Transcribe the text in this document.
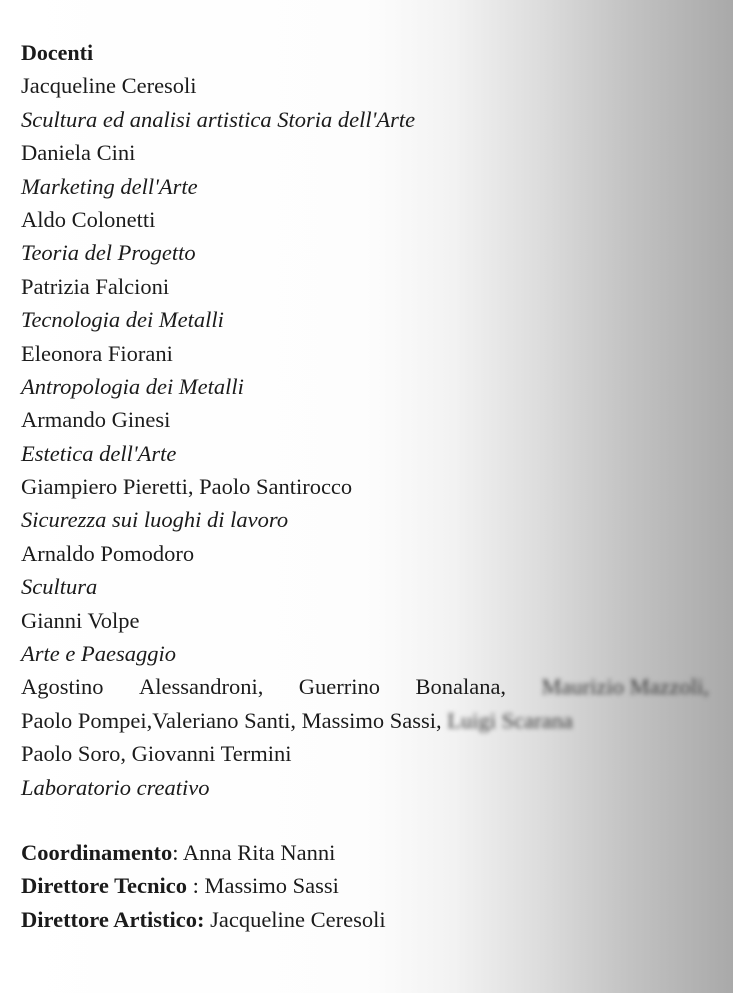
Docenti
Jacqueline Ceresoli
Scultura ed analisi artistica Storia dell'Arte
Daniela Cini
Marketing dell'Arte
Aldo Colonetti
Teoria del Progetto
Patrizia Falcioni
Tecnologia dei Metalli
Eleonora Fiorani
Antropologia dei Metalli
Armando Ginesi
Estetica dell'Arte
Giampiero Pieretti, Paolo Santirocco
Sicurezza sui luoghi di lavoro
Arnaldo Pomodoro
Scultura
Gianni Volpe
Arte e Paesaggio
Agostino Alessandroni, Guerrino Bonalana, Maurizio Mazzoli,
Paolo Pompei,Valeriano Santi, Massimo Sassi, Luigi Scarana
Paolo Soro, Giovanni Termini
Laboratorio creativo
Coordinamento: Anna Rita Nanni
Direttore Tecnico : Massimo Sassi
Direttore Artistico: Jacqueline Ceresoli
